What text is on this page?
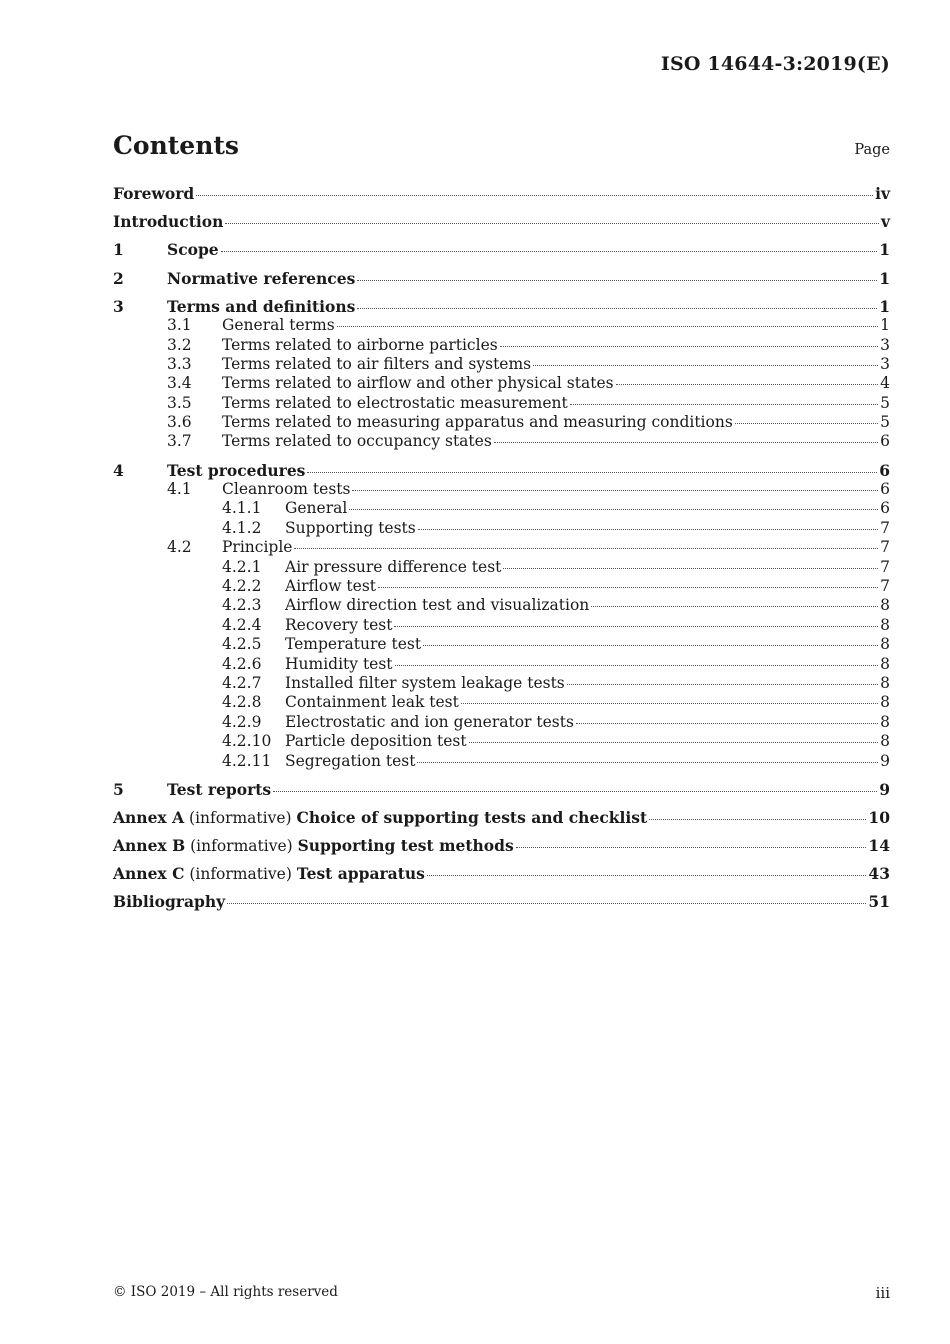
ISO 14644-3:2019(E)
Contents	Page
Foreword	iv
Introduction	v
1	Scope	1
2	Normative references	1
3	Terms and definitions	1
3.1	General terms	1
3.2	Terms related to airborne particles	3
3.3	Terms related to air filters and systems	3
3.4	Terms related to airflow and other physical states	4
3.5	Terms related to electrostatic measurement	5
3.6	Terms related to measuring apparatus and measuring conditions	5
3.7	Terms related to occupancy states	6
4	Test procedures	6
4.1	Cleanroom tests	6
4.1.1	General	6
4.1.2	Supporting tests	7
4.2	Principle	7
4.2.1	Air pressure difference test	7
4.2.2	Airflow test	7
4.2.3	Airflow direction test and visualization	8
4.2.4	Recovery test	8
4.2.5	Temperature test	8
4.2.6	Humidity test	8
4.2.7	Installed filter system leakage tests	8
4.2.8	Containment leak test	8
4.2.9	Electrostatic and ion generator tests	8
4.2.10 Particle deposition test	8
4.2.11 Segregation test	9
5	Test reports	9
Annex A (informative) Choice of supporting tests and checklist	10
Annex B (informative) Supporting test methods	14
Annex C (informative) Test apparatus	43
Bibliography	51
© ISO 2019 – All rights reserved	iii
